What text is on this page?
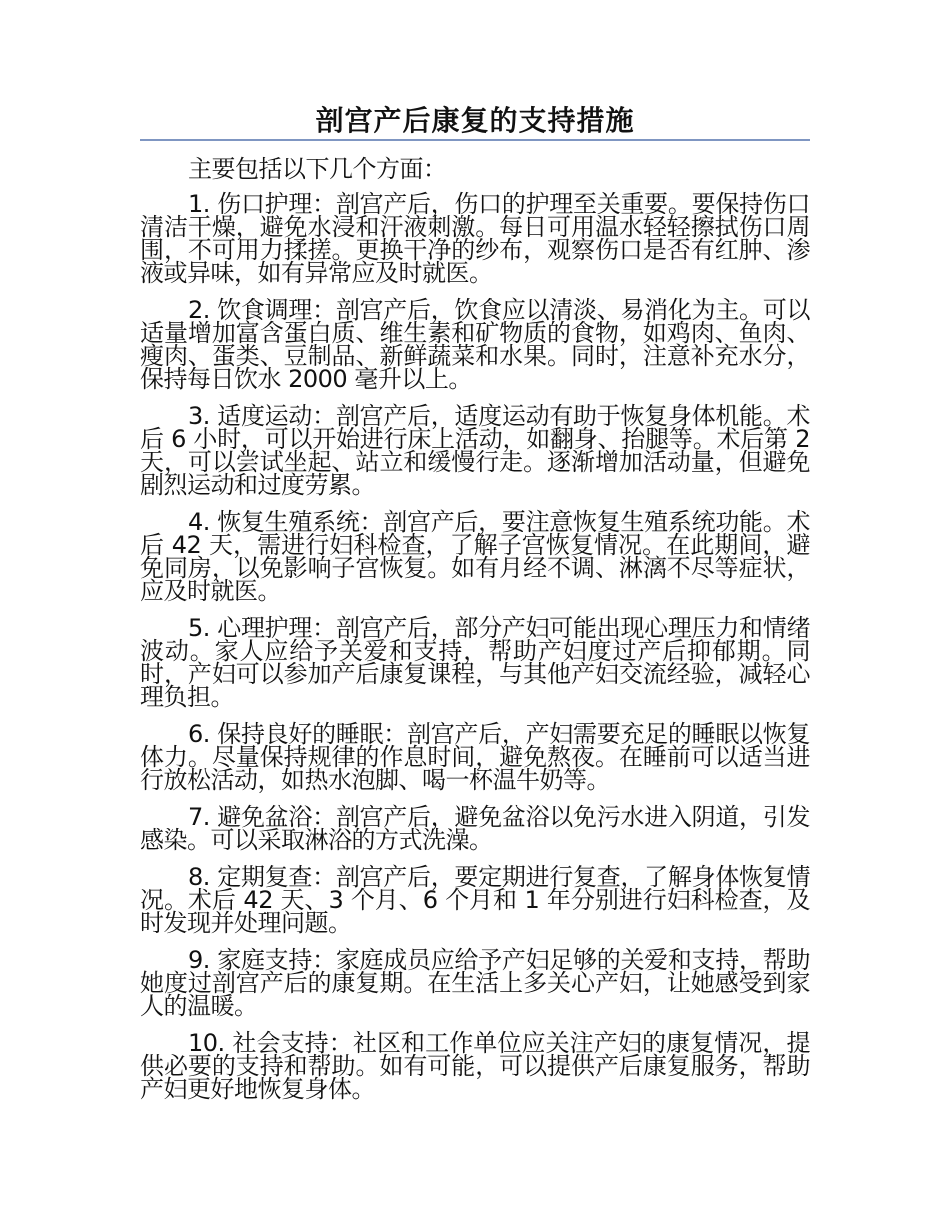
剖宫产后康复的支持措施

主要包括以下几个方面：

1. 伤口护理：剖宫产后，伤口的护理至关重要。要保持伤口清洁干燥，避免水浸和汗液刺激。每日可用温水轻轻擦拭伤口周围，不可用力揉搓。更换干净的纱布，观察伤口是否有红肿、渗液或异味，如有异常应及时就医。

2. 饮食调理：剖宫产后，饮食应以清淡、易消化为主。可以适量增加富含蛋白质、维生素和矿物质的食物，如鸡肉、鱼肉、瘦肉、蛋类、豆制品、新鲜蔬菜和水果。同时，注意补充水分，保持每日饮水 2000 毫升以上。

3. 适度运动：剖宫产后，适度运动有助于恢复身体机能。术后 6 小时，可以开始进行床上活动，如翻身、抬腿等。术后第 2 天，可以尝试坐起、站立和缓慢行走。逐渐增加活动量，但避免剧烈运动和过度劳累。

4. 恢复生殖系统：剖宫产后，要注意恢复生殖系统功能。术后 42 天，需进行妇科检查，了解子宫恢复情况。在此期间，避免同房，以免影响子宫恢复。如有月经不调、淋漓不尽等症状，应及时就医。

5. 心理护理：剖宫产后，部分产妇可能出现心理压力和情绪波动。家人应给予关爱和支持，帮助产妇度过产后抑郁期。同时，产妇可以参加产后康复课程，与其他产妇交流经验，减轻心理负担。

6. 保持良好的睡眠：剖宫产后，产妇需要充足的睡眠以恢复体力。尽量保持规律的作息时间，避免熬夜。在睡前可以适当进行放松活动，如热水泡脚、喝一杯温牛奶等。

7. 避免盆浴：剖宫产后，避免盆浴以免污水进入阴道，引发感染。可以采取淋浴的方式洗澡。

8. 定期复查：剖宫产后，要定期进行复查，了解身体恢复情况。术后 42 天、3 个月、6 个月和 1 年分别进行妇科检查，及时发现并处理问题。

9. 家庭支持：家庭成员应给予产妇足够的关爱和支持，帮助她度过剖宫产后的康复期。在生活上多关心产妇，让她感受到家人的温暖。

10. 社会支持：社区和工作单位应关注产妇的康复情况，提供必要的支持和帮助。如有可能，可以提供产后康复服务，帮助产妇更好地恢复身体。
